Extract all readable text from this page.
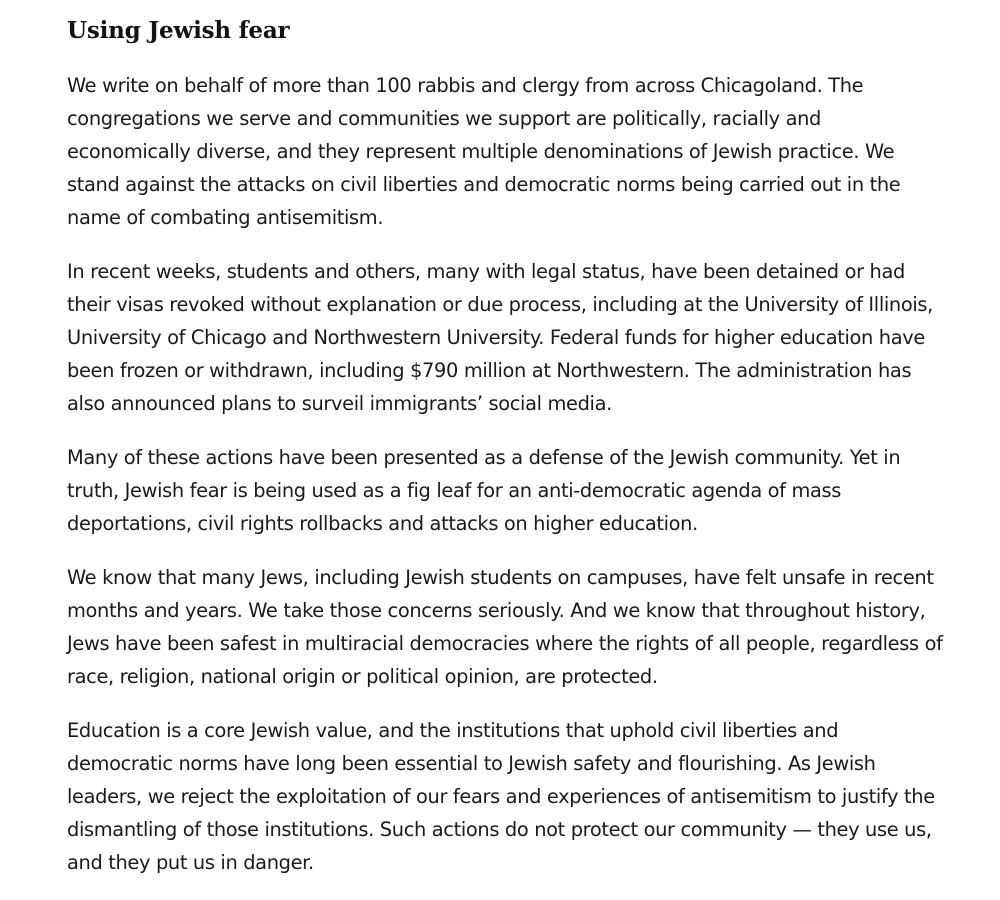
Using Jewish fear

We write on behalf of more than 100 rabbis and clergy from across Chicagoland. The congregations we serve and communities we support are politically, racially and economically diverse, and they represent multiple denominations of Jewish practice. We stand against the attacks on civil liberties and democratic norms being carried out in the name of combating antisemitism.

In recent weeks, students and others, many with legal status, have been detained or had their visas revoked without explanation or due process, including at the University of Illinois, University of Chicago and Northwestern University. Federal funds for higher education have been frozen or withdrawn, including $790 million at Northwestern. The administration has also announced plans to surveil immigrants’ social media.

Many of these actions have been presented as a defense of the Jewish community. Yet in truth, Jewish fear is being used as a fig leaf for an anti-democratic agenda of mass deportations, civil rights rollbacks and attacks on higher education.

We know that many Jews, including Jewish students on campuses, have felt unsafe in recent months and years. We take those concerns seriously. And we know that throughout history, Jews have been safest in multiracial democracies where the rights of all people, regardless of race, religion, national origin or political opinion, are protected.

Education is a core Jewish value, and the institutions that uphold civil liberties and democratic norms have long been essential to Jewish safety and flourishing. As Jewish leaders, we reject the exploitation of our fears and experiences of antisemitism to justify the dismantling of those institutions. Such actions do not protect our community — they use us, and they put us in danger.
